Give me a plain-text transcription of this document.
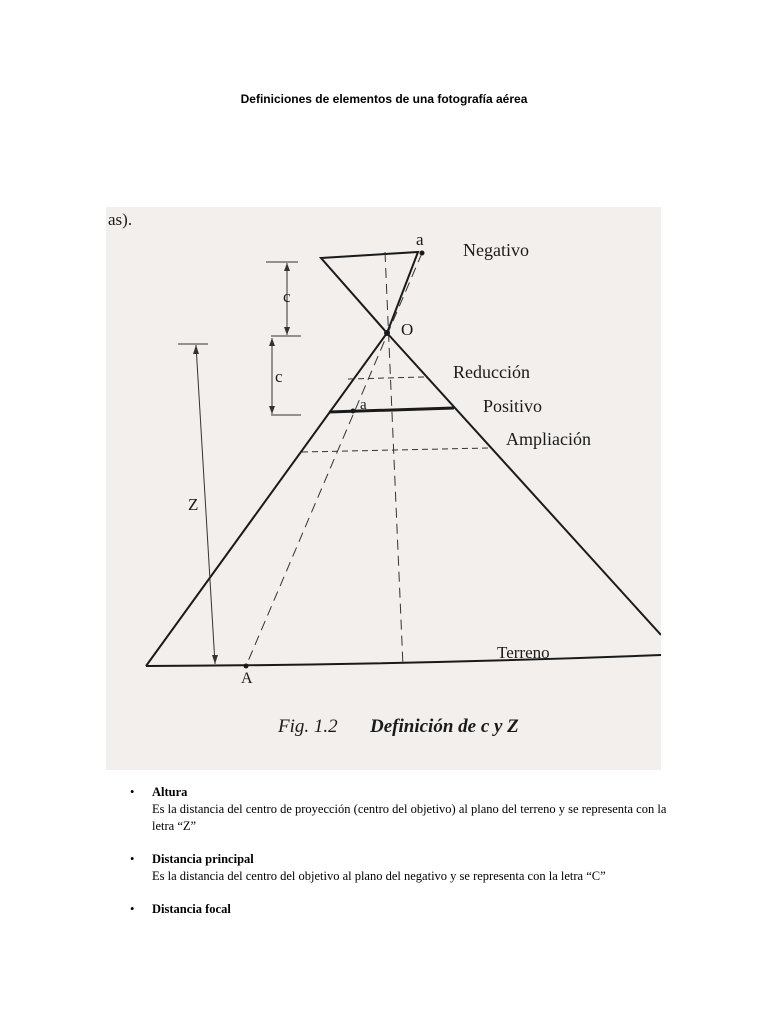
Definiciones de elementos de una fotografía aérea
as).
a
Negativo
c
O
c	Reducción
Positivo
a
Ampliación
Z
Terreno
A
Fig. 1.2 Definición de c y Z
• Altura
Es la distancia del centro de proyección (centro del objetivo) al plano del terreno y se representa con la letra “Z”
• Distancia principal
Es la distancia del centro del objetivo al plano del negativo y se representa con la letra “C”
• Distancia focal
